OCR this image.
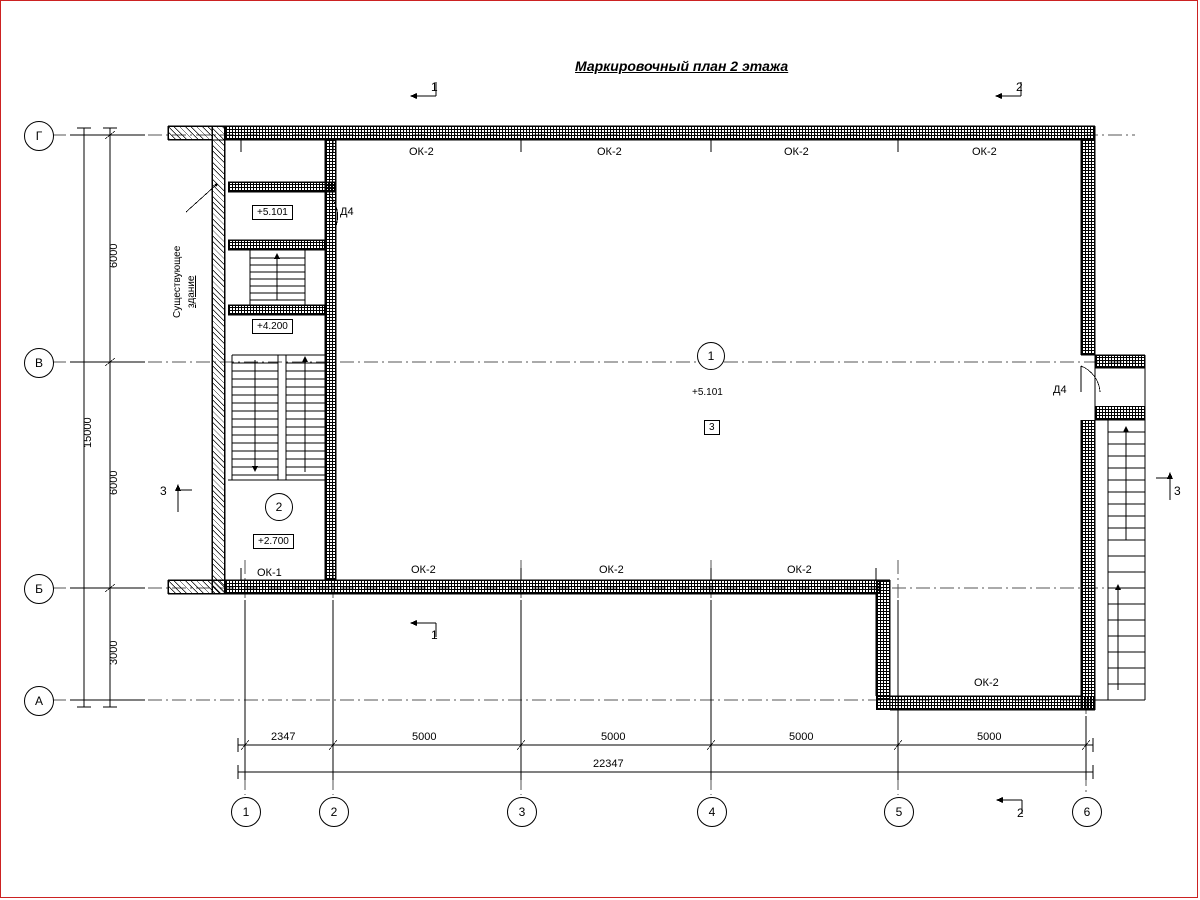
Маркировочный план 2 этажа
Г
В
Б
А
1	2	3	4	5	6
1
+5.101
3
2
+2.700
+5.101
+4.200
ОК-2	ОК-2	ОК-2	ОК-2
ОК-1	ОК-2	ОК-2	ОК-2
ОК-2
Д4
Д4
1	2
3	3
1
2
2347	5000	5000	5000	5000
22347
6000
6000
3000
15000
Существующее здание
